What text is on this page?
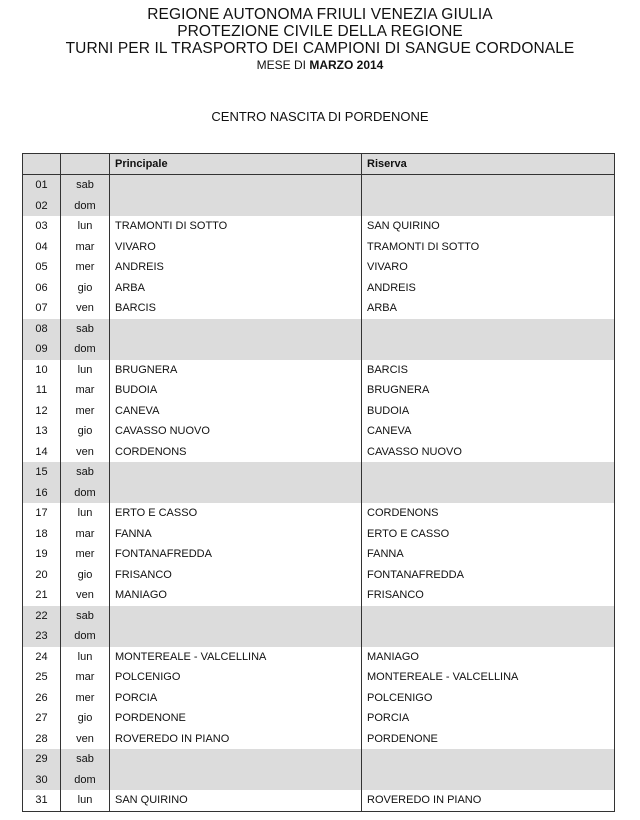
REGIONE AUTONOMA FRIULI VENEZIA GIULIA
PROTEZIONE CIVILE DELLA REGIONE
TURNI PER IL TRASPORTO DEI CAMPIONI DI SANGUE CORDONALE
MESE DI MARZO 2014
CENTRO NASCITA DI PORDENONE
		Principale	Riserva
01	sab		
02	dom		
03	lun	TRAMONTI DI SOTTO	SAN QUIRINO
04	mar	VIVARO	TRAMONTI DI SOTTO
05	mer	ANDREIS	VIVARO
06	gio	ARBA	ANDREIS
07	ven	BARCIS	ARBA
08	sab		
09	dom		
10	lun	BRUGNERA	BARCIS
11	mar	BUDOIA	BRUGNERA
12	mer	CANEVA	BUDOIA
13	gio	CAVASSO NUOVO	CANEVA
14	ven	CORDENONS	CAVASSO NUOVO
15	sab		
16	dom		
17	lun	ERTO E CASSO	CORDENONS
18	mar	FANNA	ERTO E CASSO
19	mer	FONTANAFREDDA	FANNA
20	gio	FRISANCO	FONTANAFREDDA
21	ven	MANIAGO	FRISANCO
22	sab		
23	dom		
24	lun	MONTEREALE - VALCELLINA	MANIAGO
25	mar	POLCENIGO	MONTEREALE - VALCELLINA
26	mer	PORCIA	POLCENIGO
27	gio	PORDENONE	PORCIA
28	ven	ROVEREDO IN PIANO	PORDENONE
29	sab		
30	dom		
31	lun	SAN QUIRINO	ROVEREDO IN PIANO
